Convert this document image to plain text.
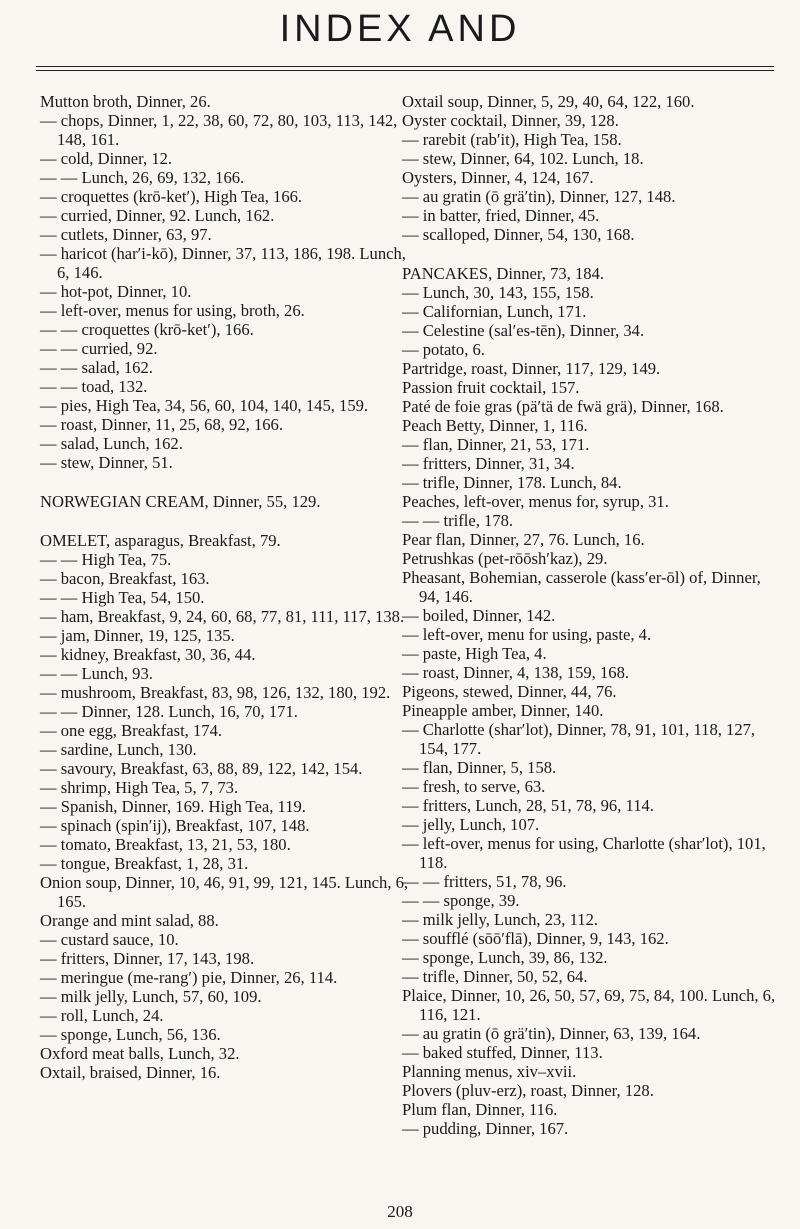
INDEX AND

Mutton broth, Dinner, 26.

— chops, Dinner, 1, 22, 38, 60, 72, 80, 103, 113, 142, 148, 161.

— cold, Dinner, 12.

— — Lunch, 26, 69, 132, 166.

— croquettes (krō-ket′), High Tea, 166.

— curried, Dinner, 92. Lunch, 162.

— cutlets, Dinner, 63, 97.

— haricot (har′i-kō), Dinner, 37, 113, 186, 198. Lunch, 6, 146.

— hot-pot, Dinner, 10.

— left-over, menus for using, broth, 26.

— — croquettes (krō-ket′), 166.

— — curried, 92.

— — salad, 162.

— — toad, 132.

— pies, High Tea, 34, 56, 60, 104, 140, 145, 159.

— roast, Dinner, 11, 25, 68, 92, 166.

— salad, Lunch, 162.

— stew, Dinner, 51.

NORWEGIAN CREAM, Dinner, 55, 129.

OMELET, asparagus, Breakfast, 79.

— — High Tea, 75.

— bacon, Breakfast, 163.

— — High Tea, 54, 150.

— ham, Breakfast, 9, 24, 60, 68, 77, 81, 111, 117, 138.

— jam, Dinner, 19, 125, 135.

— kidney, Breakfast, 30, 36, 44.

— — Lunch, 93.

— mushroom, Breakfast, 83, 98, 126, 132, 180, 192.

— — Dinner, 128. Lunch, 16, 70, 171.

— one egg, Breakfast, 174.

— sardine, Lunch, 130.

— savoury, Breakfast, 63, 88, 89, 122, 142, 154.

— shrimp, High Tea, 5, 7, 73.

— Spanish, Dinner, 169. High Tea, 119.

— spinach (spin′ij), Breakfast, 107, 148.

— tomato, Breakfast, 13, 21, 53, 180.

— tongue, Breakfast, 1, 28, 31.

Onion soup, Dinner, 10, 46, 91, 99, 121, 145. Lunch, 6, 165.

Orange and mint salad, 88.

— custard sauce, 10.

— fritters, Dinner, 17, 143, 198.

— meringue (me-rang′) pie, Dinner, 26, 114.

— milk jelly, Lunch, 57, 60, 109.

— roll, Lunch, 24.

— sponge, Lunch, 56, 136.

Oxford meat balls, Lunch, 32.

Oxtail, braised, Dinner, 16.

Oxtail soup, Dinner, 5, 29, 40, 64, 122, 160.

Oyster cocktail, Dinner, 39, 128.

— rarebit (rab′it), High Tea, 158.

— stew, Dinner, 64, 102. Lunch, 18.

Oysters, Dinner, 4, 124, 167.

— au gratin (ō grä′tin), Dinner, 127, 148.

— in batter, fried, Dinner, 45.

— scalloped, Dinner, 54, 130, 168.

PANCAKES, Dinner, 73, 184.

— Lunch, 30, 143, 155, 158.

— Californian, Lunch, 171.

— Celestine (sal′es-tēn), Dinner, 34.

— potato, 6.

Partridge, roast, Dinner, 117, 129, 149.

Passion fruit cocktail, 157.

Paté de foie gras (pä′tä de fwä grä), Dinner, 168.

Peach Betty, Dinner, 1, 116.

— flan, Dinner, 21, 53, 171.

— fritters, Dinner, 31, 34.

— trifle, Dinner, 178. Lunch, 84.

Peaches, left-over, menus for, syrup, 31.

— — trifle, 178.

Pear flan, Dinner, 27, 76. Lunch, 16.

Petrushkas (pet-rōōsh′kaz), 29.

Pheasant, Bohemian, casserole (kass′er-ōl) of, Dinner, 94, 146.

— boiled, Dinner, 142.

— left-over, menu for using, paste, 4.

— paste, High Tea, 4.

— roast, Dinner, 4, 138, 159, 168.

Pigeons, stewed, Dinner, 44, 76.

Pineapple amber, Dinner, 140.

— Charlotte (shar′lot), Dinner, 78, 91, 101, 118, 127, 154, 177.

— flan, Dinner, 5, 158.

— fresh, to serve, 63.

— fritters, Lunch, 28, 51, 78, 96, 114.

— jelly, Lunch, 107.

— left-over, menus for using, Charlotte (shar′lot), 101, 118.

— — fritters, 51, 78, 96.

— — sponge, 39.

— milk jelly, Lunch, 23, 112.

— soufflé (sōō′flā), Dinner, 9, 143, 162.

— sponge, Lunch, 39, 86, 132.

— trifle, Dinner, 50, 52, 64.

Plaice, Dinner, 10, 26, 50, 57, 69, 75, 84, 100. Lunch, 6, 116, 121.

— au gratin (ō grä′tin), Dinner, 63, 139, 164.

— baked stuffed, Dinner, 113.

Planning menus, xiv–xvii.

Plovers (pluv-erz), roast, Dinner, 128.

Plum flan, Dinner, 116.

— pudding, Dinner, 167.

208
